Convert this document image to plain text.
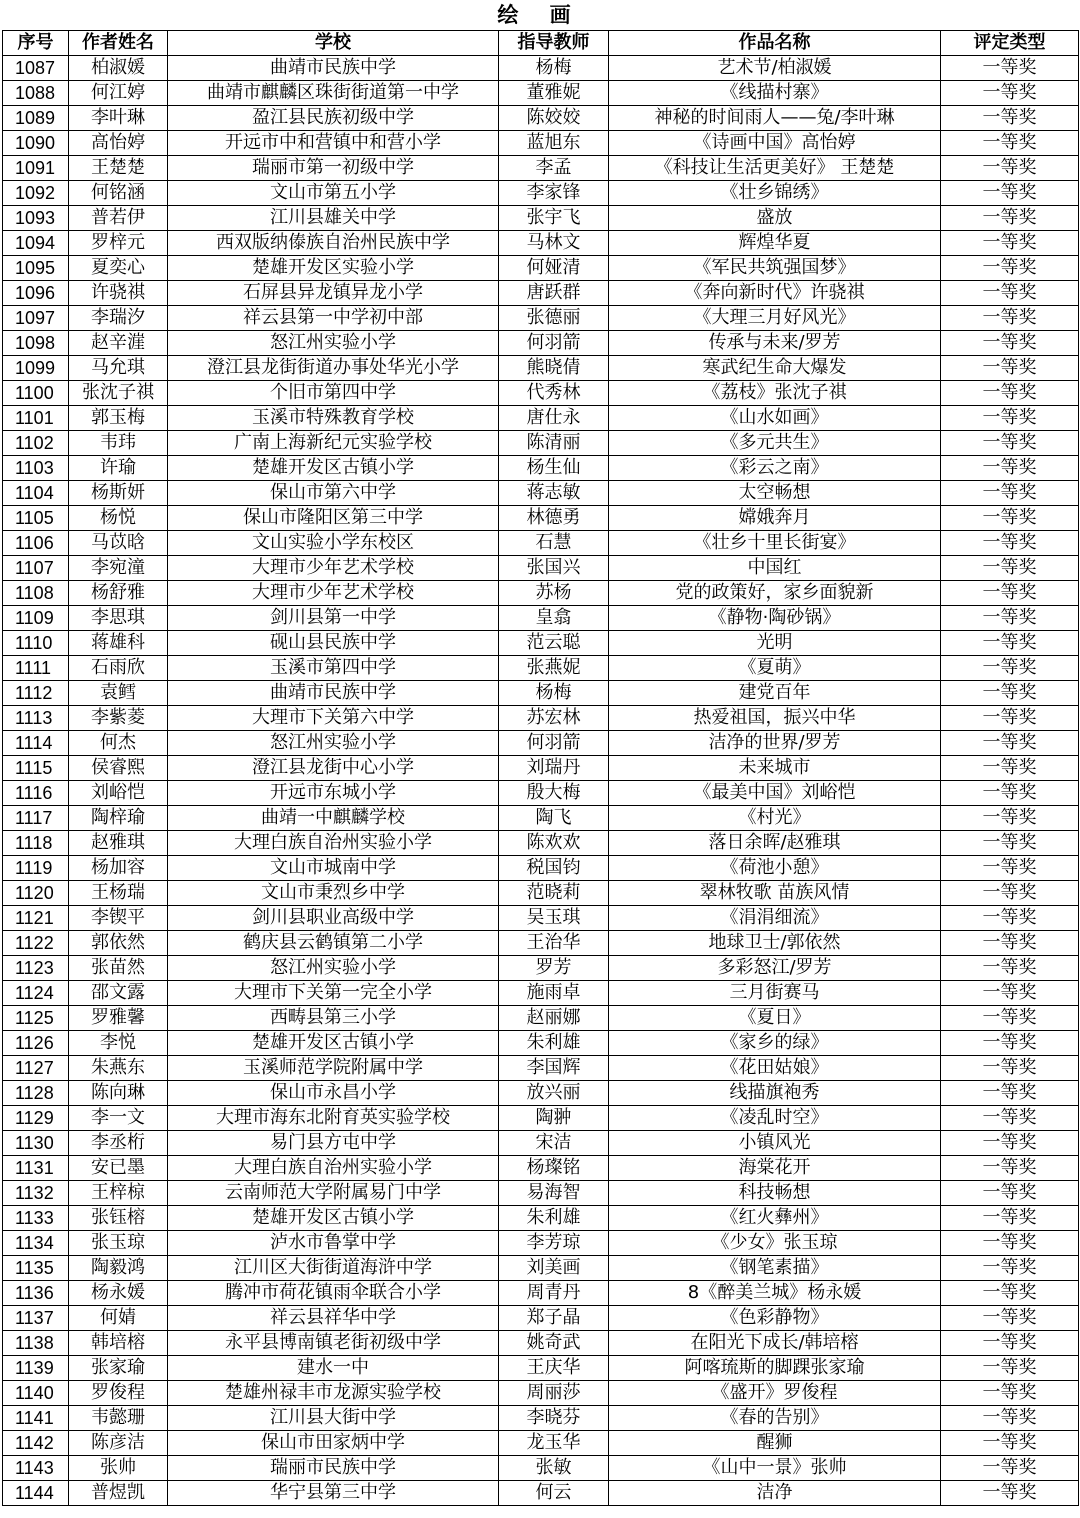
绘 画
序号	作者姓名	学校	指导教师	作品名称	评定类型
1087	柏淑媛	曲靖市民族中学	杨梅	艺术节/柏淑媛	一等奖
1088	何江婷	曲靖市麒麟区珠街街道第一中学	董雅妮	《线描村寨》	一等奖
1089	李叶琳	盈江县民族初级中学	陈姣姣	神秘的时间雨人——兔/李叶琳	一等奖
1090	高怡婷	开远市中和营镇中和营小学	蓝旭东	《诗画中国》高怡婷	一等奖
1091	王楚楚	瑞丽市第一初级中学	李孟	《科技让生活更美好》 王楚楚	一等奖
1092	何铭涵	文山市第五小学	李家锋	《壮乡锦绣》	一等奖
1093	普若伊	江川县雄关中学	张宇飞	盛放	一等奖
1094	罗梓元	西双版纳傣族自治州民族中学	马林文	辉煌华夏	一等奖
1095	夏奕心	楚雄开发区实验小学	何娅清	《军民共筑强国梦》	一等奖
1096	许骁祺	石屏县异龙镇异龙小学	唐跃群	《奔向新时代》许骁祺	一等奖
1097	李瑞汐	祥云县第一中学初中部	张德丽	《大理三月好风光》	一等奖
1098	赵辛漄	怒江州实验小学	何羽箭	传承与未来/罗芳	一等奖
1099	马允琪	澄江县龙街街道办事处华光小学	熊晓倩	寒武纪生命大爆发	一等奖
1100	张沈子祺	个旧市第四中学	代秀林	《荔枝》张沈子祺	一等奖
1101	郭玉梅	玉溪市特殊教育学校	唐仕永	《山水如画》	一等奖
1102	韦玮	广南上海新纪元实验学校	陈清丽	《多元共生》	一等奖
1103	许瑜	楚雄开发区古镇小学	杨生仙	《彩云之南》	一等奖
1104	杨斯妍	保山市第六中学	蒋志敏	太空畅想	一等奖
1105	杨悦	保山市隆阳区第三中学	林德勇	嫦娥奔月	一等奖
1106	马苡晗	文山实验小学东校区	石慧	《壮乡十里长街宴》	一等奖
1107	李宛潼	大理市少年艺术学校	张国兴	中国红	一等奖
1108	杨舒雅	大理市少年艺术学校	苏杨	党的政策好，家乡面貌新	一等奖
1109	李思琪	剑川县第一中学	皇翕	《静物·陶砂锅》	一等奖
1110	蒋雄科	砚山县民族中学	范云聪	光明	一等奖
1111	石雨欣	玉溪市第四中学	张燕妮	《夏萌》	一等奖
1112	袁鳕	曲靖市民族中学	杨梅	建党百年	一等奖
1113	李紫菱	大理市下关第六中学	苏宏林	热爱祖国，振兴中华	一等奖
1114	何杰	怒江州实验小学	何羽箭	洁净的世界/罗芳	一等奖
1115	侯睿熙	澄江县龙街中心小学	刘瑞丹	未来城市	一等奖
1116	刘峪恺	开远市东城小学	殷大梅	《最美中国》刘峪恺	一等奖
1117	陶梓瑜	曲靖一中麒麟学校	陶飞	《村光》	一等奖
1118	赵雅琪	大理白族自治州实验小学	陈欢欢	落日余晖/赵雅琪	一等奖
1119	杨加容	文山市城南中学	税国钧	《荷池小憩》	一等奖
1120	王杨瑞	文山市秉烈乡中学	范晓莉	翠林牧歌 苗族风情	一等奖
1121	李锲平	剑川县职业高级中学	吴玉琪	《涓涓细流》	一等奖
1122	郭依然	鹤庆县云鹤镇第二小学	王治华	地球卫士/郭依然	一等奖
1123	张苗然	怒江州实验小学	罗芳	多彩怒江/罗芳	一等奖
1124	邵文露	大理市下关第一完全小学	施雨卓	三月街赛马	一等奖
1125	罗雅馨	西畴县第三小学	赵丽娜	《夏日》	一等奖
1126	李悦	楚雄开发区古镇小学	朱利雄	《家乡的绿》	一等奖
1127	朱燕东	玉溪师范学院附属中学	李国辉	《花田姑娘》	一等奖
1128	陈向琳	保山市永昌小学	放兴丽	线描旗袍秀	一等奖
1129	李一文	大理市海东北附育英实验学校	陶翀	《凌乱时空》	一等奖
1130	李丞桁	易门县方屯中学	宋洁	小镇风光	一等奖
1131	安已墨	大理白族自治州实验小学	杨璨铭	海棠花开	一等奖
1132	王梓椋	云南师范大学附属易门中学	易海智	科技畅想	一等奖
1133	张钰榕	楚雄开发区古镇小学	朱利雄	《红火彝州》	一等奖
1134	张玉琼	泸水市鲁掌中学	李芳琼	《少女》张玉琼	一等奖
1135	陶毅鸿	江川区大街街道海浒中学	刘美画	《钢笔素描》	一等奖
1136	杨永媛	腾冲市荷花镇雨伞联合小学	周青丹	8《醉美兰城》杨永媛	一等奖
1137	何婧	祥云县祥华中学	郑子晶	《色彩静物》	一等奖
1138	韩培榕	永平县博南镇老街初级中学	姚奇武	在阳光下成长/韩培榕	一等奖
1139	张家瑜	建水一中	王庆华	阿喀琉斯的脚踝张家瑜	一等奖
1140	罗俊程	楚雄州禄丰市龙源实验学校	周丽莎	《盛开》罗俊程	一等奖
1141	韦懿珊	江川县大街中学	李晓芬	《春的告别》	一等奖
1142	陈彦洁	保山市田家炳中学	龙玉华	醒狮	一等奖
1143	张帅	瑞丽市民族中学	张敏	《山中一景》张帅	一等奖
1144	普煜凯	华宁县第三中学	何云	洁净	一等奖
